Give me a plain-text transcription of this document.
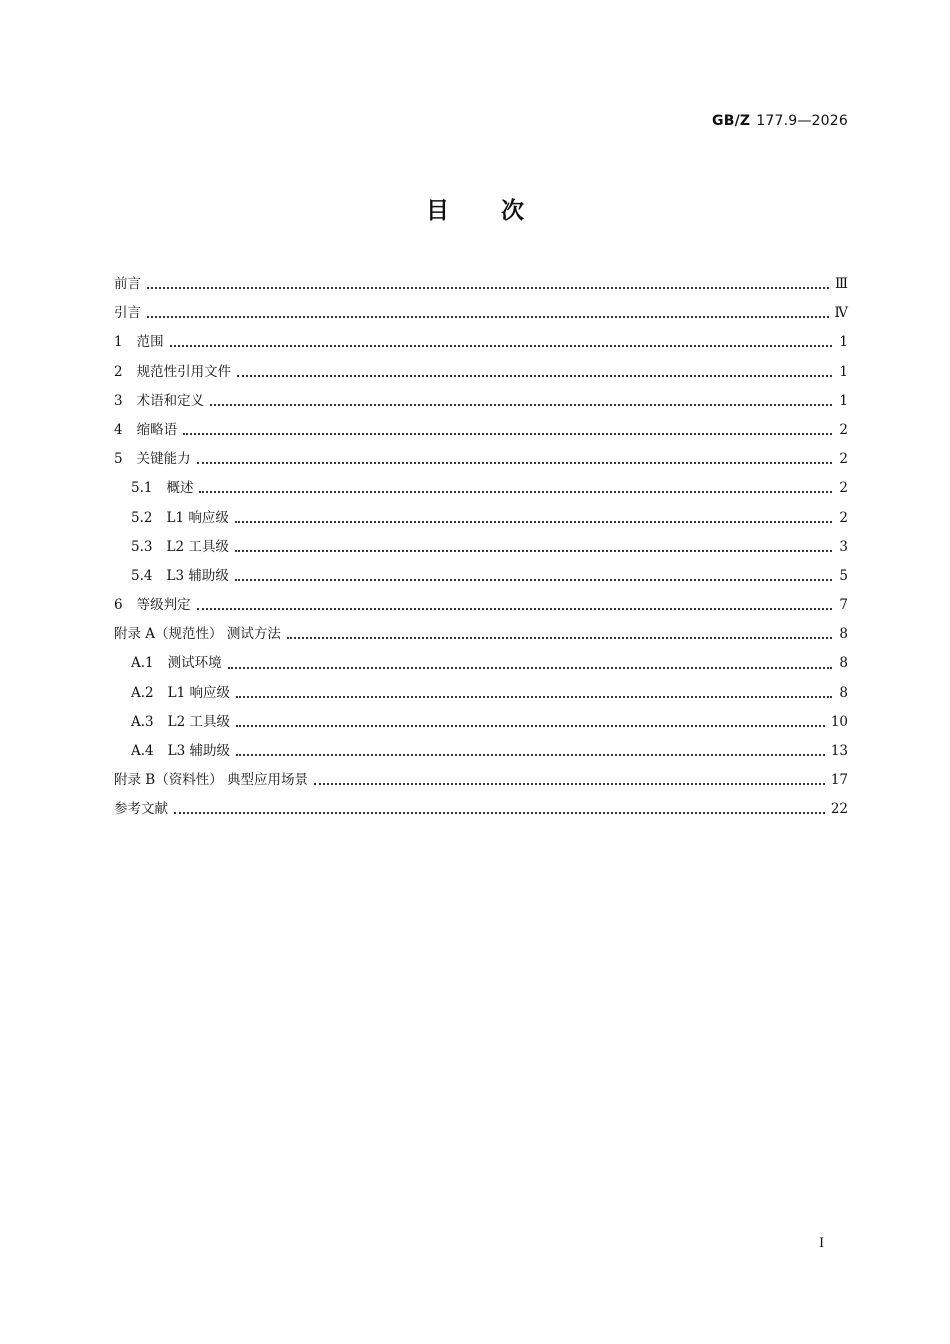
GB/Z 177.9—2026
目次
前言	Ⅲ
引言	Ⅳ
1 范围	1
2 规范性引用文件	1
3 术语和定义	1
4 缩略语	2
5 关键能力	2
5.1 概述	2
5.2 L1 响应级	2
5.3 L2 工具级	3
5.4 L3 辅助级	5
6 等级判定	7
附录 A（规范性） 测试方法	8
A.1 测试环境	8
A.2 L1 响应级	8
A.3 L2 工具级	10
A.4 L3 辅助级	13
附录 B（资料性） 典型应用场景	17
参考文献	22
I
